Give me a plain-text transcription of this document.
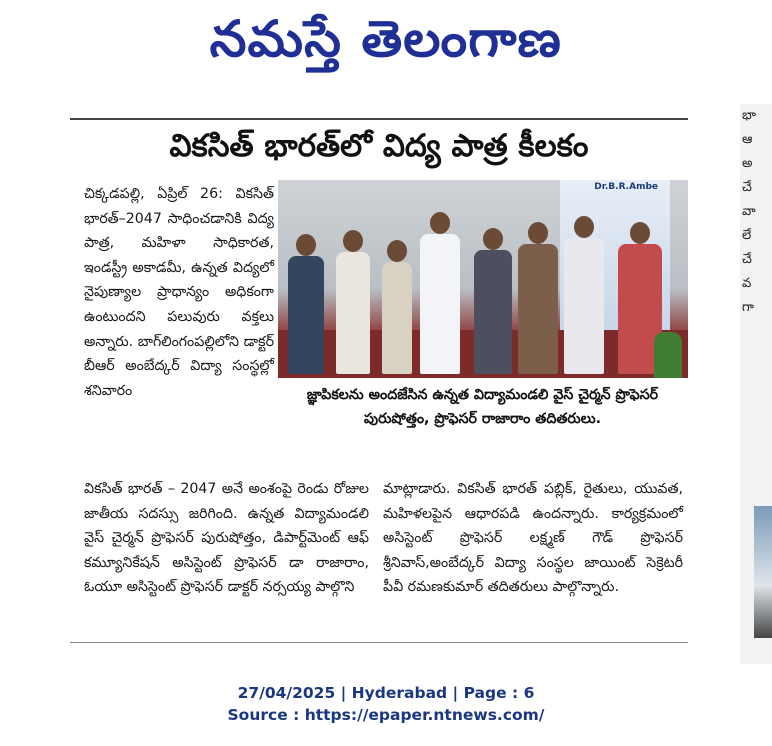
నమస్తే తెలంగాణ
వికసిత్ భారత్‌లో విద్య పాత్ర కీలకం
చిక్కడపల్లి, ఏప్రిల్ 26: వికసిత్ భారత్–2047 సాధించడానికి విద్య పాత్ర, మహిళా సాధికారత, ఇండస్ట్రీ అకాడమీ, ఉన్నత విద్యలో నైపుణ్యాల ప్రాధాన్యం అధికంగా ఉంటుందని పలువురు వక్తలు అన్నారు. బాగ్‌లింగంపల్లిలోని డాక్టర్ బీఆర్ అంబేద్కర్ విద్యా సంస్థల్లో శనివారం
Dr.B.R.Ambe
జ్ఞాపికలను అందజేసిన ఉన్నత విద్యామండలి వైస్ చైర్మన్ ప్రొఫెసర్ పురుషోత్తం, ప్రొఫెసర్ రాజారాం తదితరులు.
వికసిత్ భారత్ – 2047 అనే అంశంపై రెండు రోజుల జాతీయ సదస్సు జరిగింది. ఉన్నత విద్యామండలి వైస్ చైర్మన్ ప్రొఫెసర్ పురుషోత్తం, డిపార్ట్‌మెంట్ ఆఫ్ కమ్యూనికేషన్ అసిస్టెంట్ ప్రొఫెసర్ డా రాజారాం, ఓయూ అసిస్టెంట్ ప్రొఫెసర్ డాక్టర్ నర్సయ్య పాల్గొని
మాట్లాడారు. వికసిత్ భారత్ పబ్లిక్, రైతులు, యువత, మహిళలపైన ఆధారపడి ఉందన్నారు. కార్యక్రమంలో అసిస్టెంట్ ప్రొఫెసర్ లక్ష్మణ్ గౌడ్ ప్రొఫెసర్ శ్రీనివాస్,అంబేద్కర్ విద్యా సంస్థల జాయింట్ సెక్రెటరీ పీవీ రమణకుమార్ తదితరులు పాల్గొన్నారు.
భా
ఆ
అ
చే
వా
లే
చే
వ
గా
27/04/2025 | Hyderabad | Page : 6
Source : https://epaper.ntnews.com/
